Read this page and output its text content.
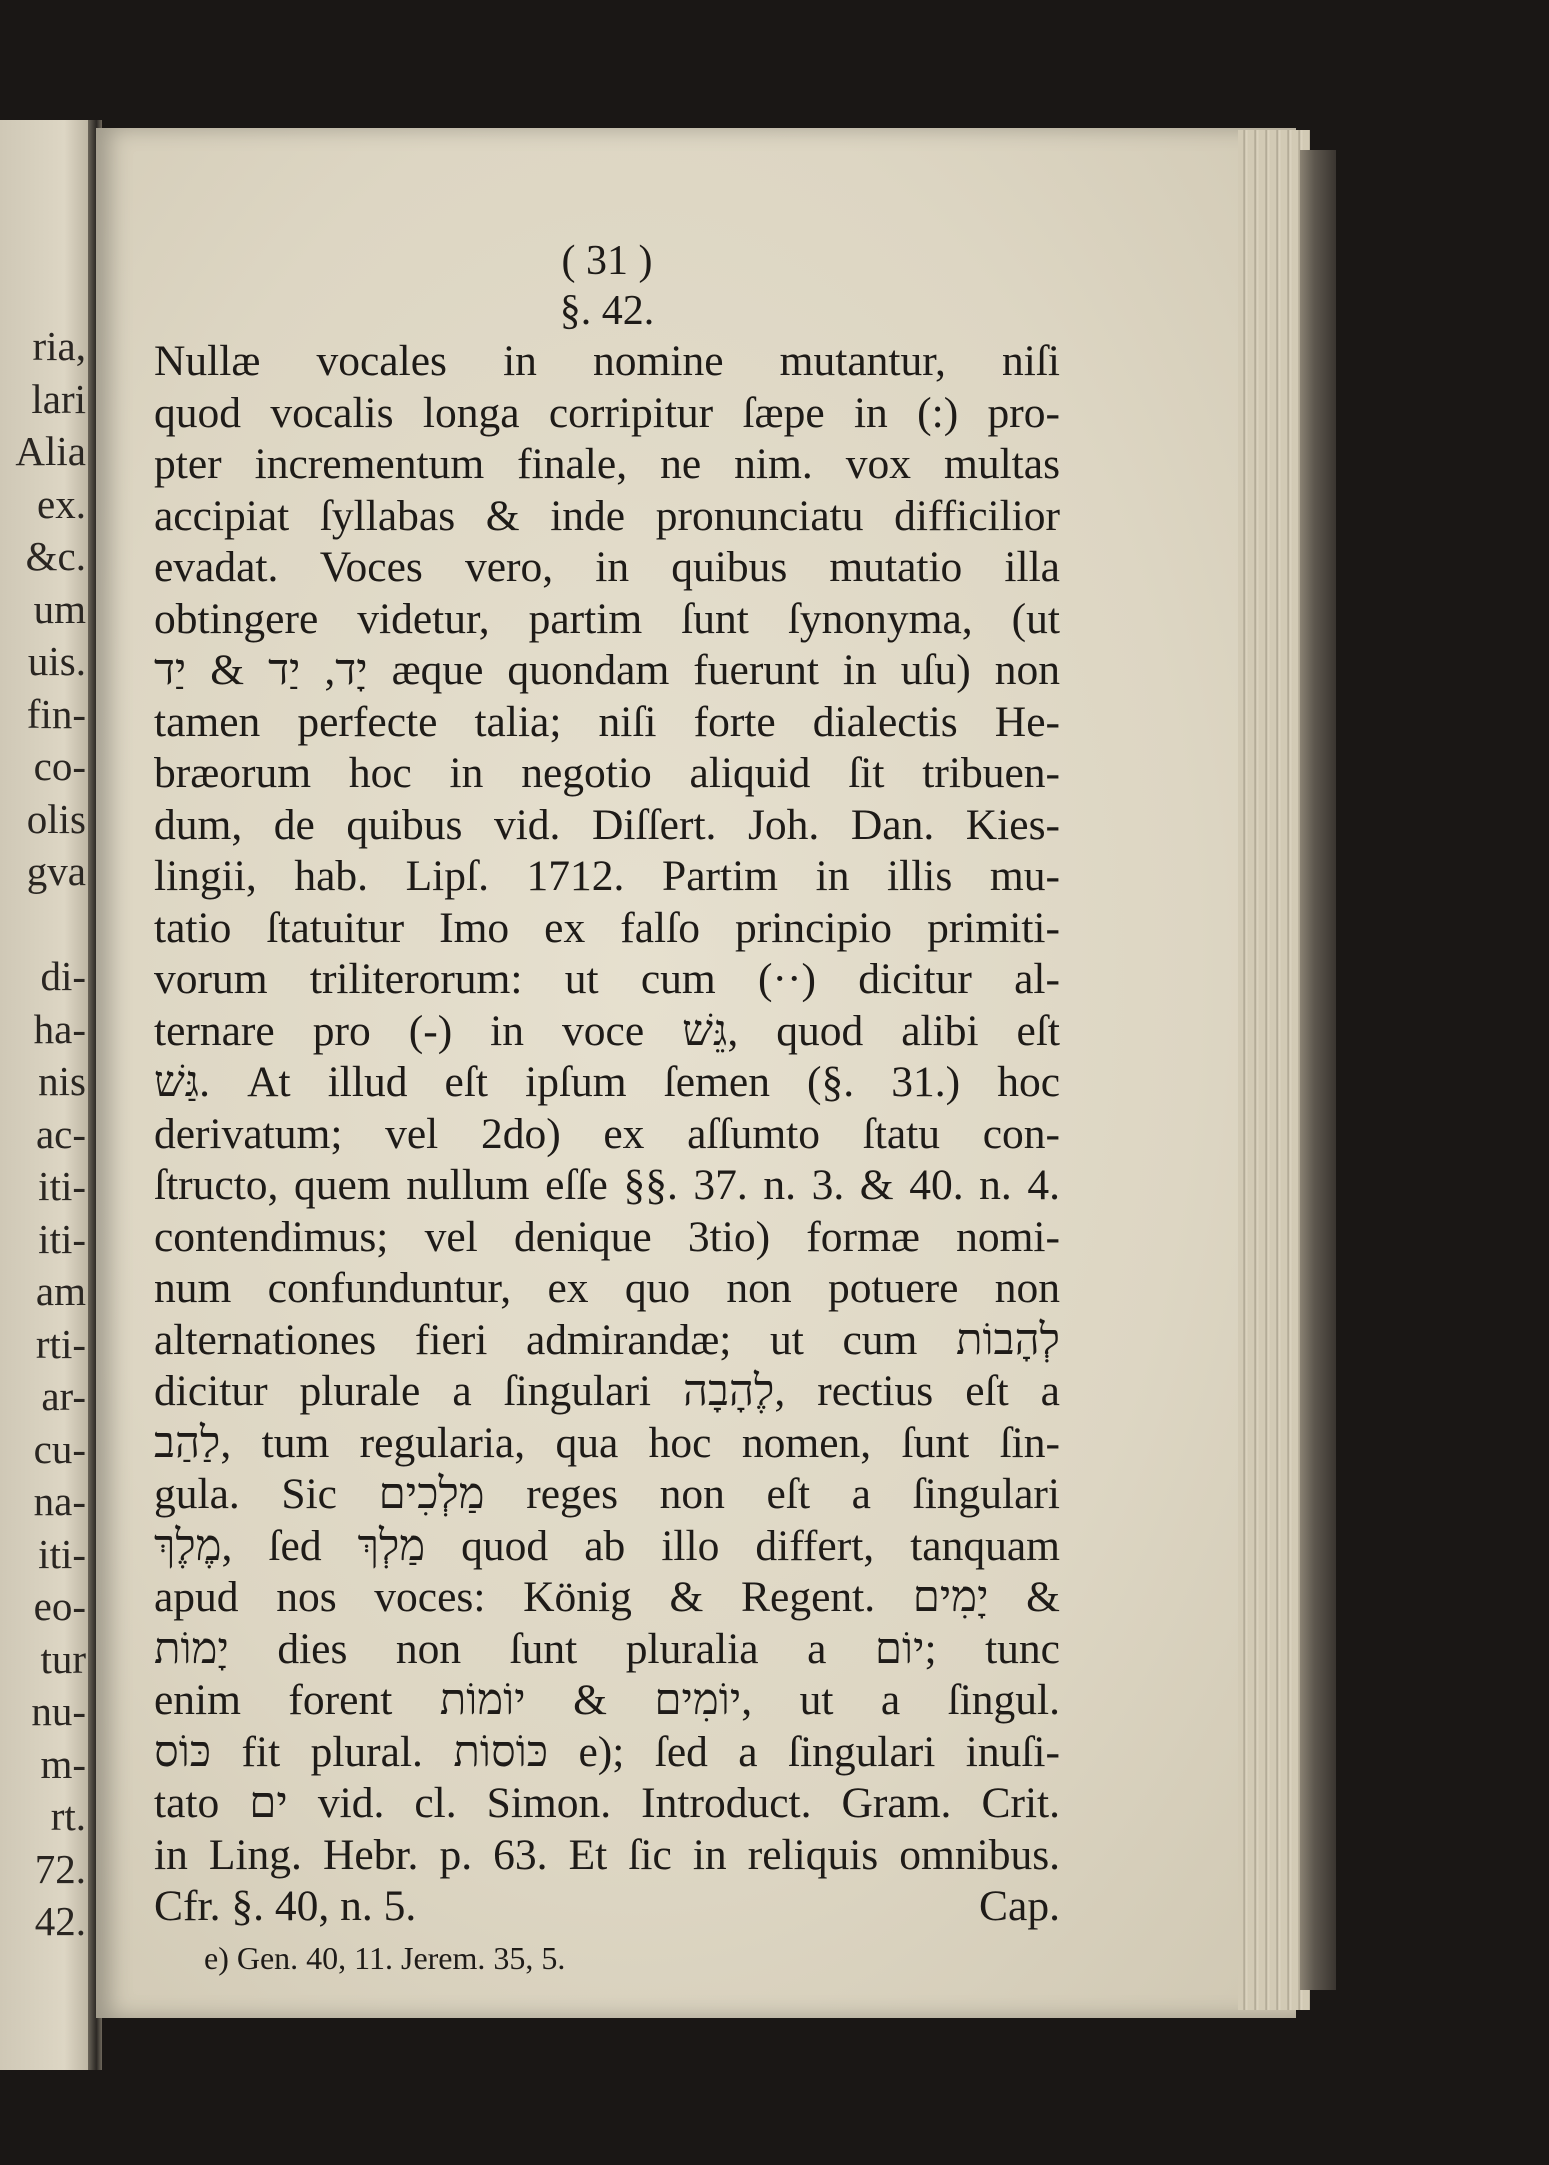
ria,
lari
Alia
ex.
&c.
um
uis.
fin-
co-
olis
gva
di-
ha-
nis
ac-
iti-
iti-
am
rti-
ar-
cu-
na-
iti-
eo-
tur
nu-
m-
rt.
72.
42.
( 31 )
§. 42.
Nullæ vocales in nomine mutantur, niſi
quod vocalis longa corripitur ſæpe in (:) pro-
pter incrementum finale, ne nim. vox multas
accipiat ſyllabas & inde pronunciatu difficilior
evadat. Voces vero, in quibus mutatio illa
obtingere videtur, partim ſunt ſynonyma, (ut
יָד, יַד & יַד æque quondam fuerunt in uſu) non
tamen perfecte talia; niſi forte dialectis He-
bræorum hoc in negotio aliquid ſit tribuen-
dum, de quibus vid. Diſſert. Joh. Dan. Kies-
lingii, hab. Lipſ. 1712. Partim in illis mu-
tatio ſtatuitur Imo ex falſo principio primiti-
vorum triliterorum: ut cum (··) dicitur al-
ternare pro (-) in voce גֵּשׁ, quod alibi eſt
גַּשׁ. At illud eſt ipſum ſemen (§. 31.) hoc
derivatum; vel 2do) ex aſſumto ſtatu con-
ſtructo, quem nullum eſſe §§. 37. n. 3. & 40. n. 4.
contendimus; vel denique 3tio) formæ nomi-
num confunduntur, ex quo non potuere non
alternationes fieri admirandæ; ut cum לְהָבוֹת
dicitur plurale a ſingulari לֶהָבָה, rectius eſt a
לַהַב, tum regularia, qua hoc nomen, ſunt ſin-
gula. Sic מַלְכִים reges non eſt a ſingulari
מֶלֶךְ, ſed מַלְךְ quod ab illo differt, tanquam
apud nos voces: König & Regent. יָמִים &
יָמוֹת dies non ſunt pluralia a יוֹם; tunc
enim forent יוֹמִים & יוֹמוֹת, ut a ſingul.
כּוֹס fit plural. כּוֹסוֹת e); ſed a ſingulari inuſi-
tato ים vid. cl. Simon. Introduct. Gram. Crit.
in Ling. Hebr. p. 63. Et ſic in reliquis omnibus.
Cfr. §. 40, n. 5.	Cap.
e) Gen. 40, 11. Jerem. 35, 5.
